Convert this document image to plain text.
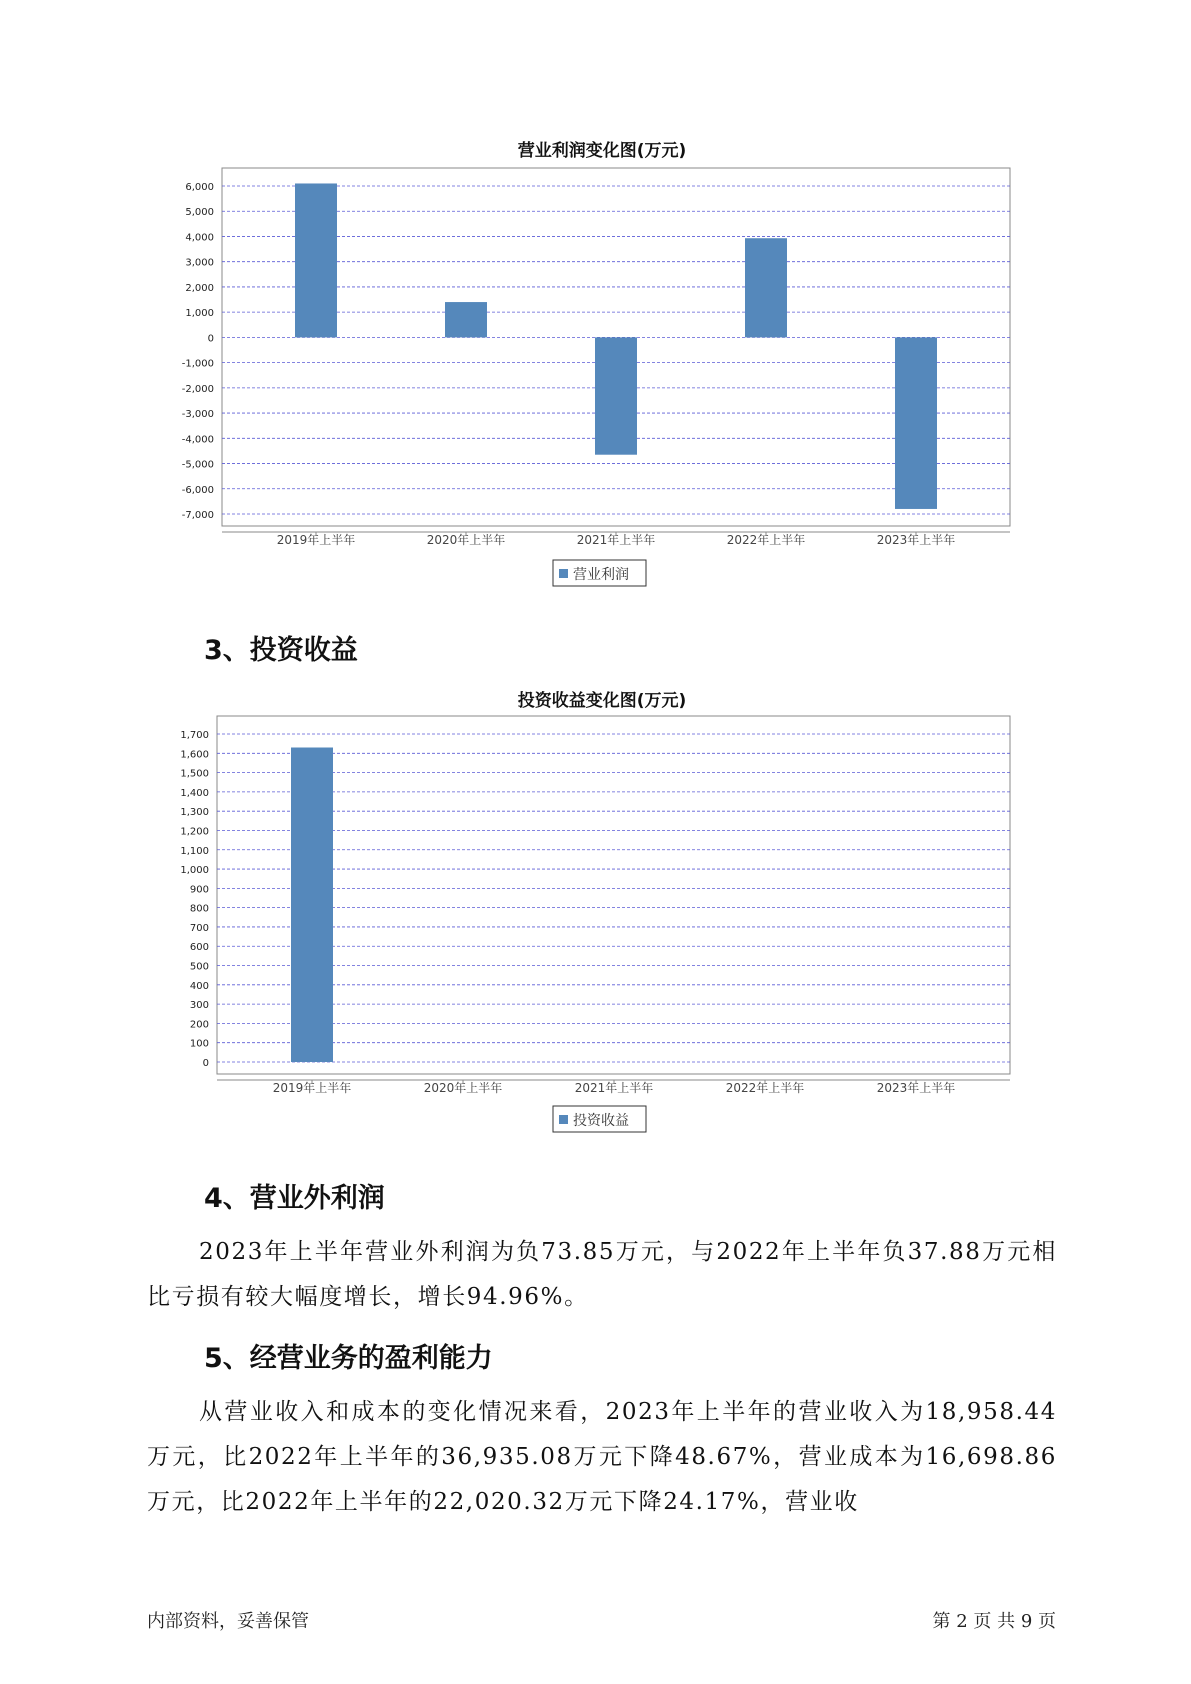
营业利润变化图(万元)
6,000
5,000
4,000
3,000
2,000
1,000
0
-1,000
-2,000
-3,000
-4,000
-5,000
-6,000
-7,000
2019年上半年	2020年上半年	2021年上半年	2022年上半年	2023年上半年
营业利润
3、投资收益
投资收益变化图(万元)
1,700
1,600
1,500
1,400
1,300
1,200
1,100
1,000
900
800
700
600
500
400
300
200
100
0
2019年上半年	2020年上半年	2021年上半年	2022年上半年	2023年上半年
投资收益
4、营业外利润

2023年上半年营业外利润为负73.85万元，与2022年上半年负37.88万元相比亏损有较大幅度增长，增长94.96%。

5、经营业务的盈利能力

从营业收入和成本的变化情况来看，2023年上半年的营业收入为18,958.44万元，比2022年上半年的36,935.08万元下降48.67%，营业成本为16,698.86万元，比2022年上半年的22,020.32万元下降24.17%，营业收

内部资料，妥善保管	第 2 页 共 9 页
